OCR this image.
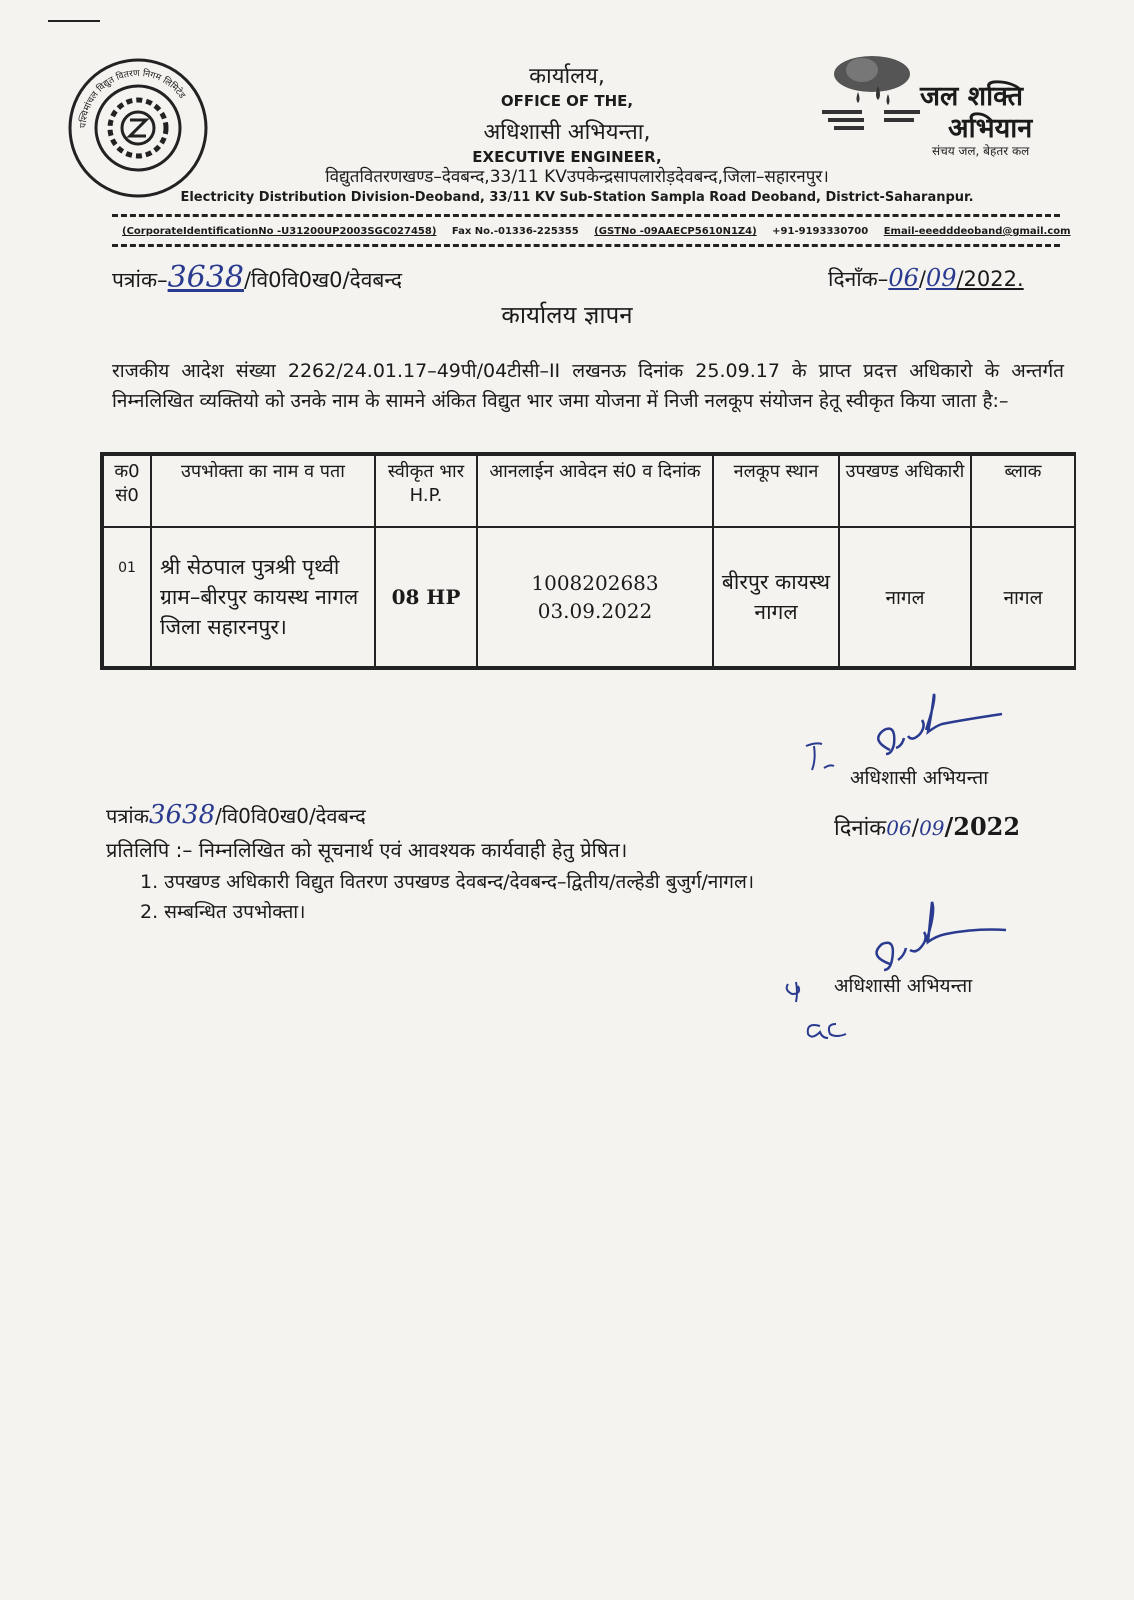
पश्चिमांचल विद्युत वितरण निगम लिमिटेड	जल शक्ति
अभियान
संचय जल, बेहतर कल
कार्यालय,
OFFICE OF THE,
अधिशासी अभियन्ता,
EXECUTIVE ENGINEER,
विद्युतवितरणखण्ड–देवबन्द,33/11 KVउपकेन्द्रसापलारोड़देवबन्द,जिला–सहारनपुर।
Electricity Distribution Division-Deoband, 33/11 KV Sub-Station Sampla Road Deoband, District-Saharanpur.
(CorporateIdentificationNo -U31200UP2003SGC027458) Fax No.-01336-225355 (GSTNo -09AAECP5610N1Z4) +91-9193330700 Email-eeedddeoband@gmail.com
पत्रांक–3638/वि0वि0ख0/देवबन्द	दिनाँक–06/09/2022.
कार्यालय ज्ञापन
राजकीय आदेश संख्या 2262/24.01.17–49पी/04टीसी–II लखनऊ दिनांक 25.09.17 के प्राप्त प्रदत्त अधिकारो के अन्तर्गत निम्नलिखित व्यक्तियो को उनके नाम के सामने अंकित विद्युत भार जमा योजना में निजी नलकूप संयोजन हेतू स्वीकृत किया जाता है:–
क0 सं0	उपभोक्ता का नाम व पता	स्वीकृत भार H.P.	आनलाईन आवेदन सं0 व दिनांक	नलकूप स्थान	उपखण्ड अधिकारी	ब्लाक
01	श्री सेठपाल पुत्रश्री पृथ्वी ग्राम–बीरपुर कायस्थ नागल जिला सहारनपुर।	08 HP	1008202683
03.09.2022	बीरपुर कायस्थ नागल	नागल	नागल
अधिशासी अभियन्ता
दिनांक06/09/2022
पत्रांक3638/वि0वि0ख0/देवबन्द
प्रतिलिपि :– निम्नलिखित को सूचनार्थ एवं आवश्यक कार्यवाही हेतु प्रेषित।
1. उपखण्ड अधिकारी विद्युत वितरण उपखण्ड देवबन्द/देवबन्द–द्वितीय/तल्हेडी बुजुर्ग/नागल।
2. सम्बन्धित उपभोक्ता।
अधिशासी अभियन्ता
